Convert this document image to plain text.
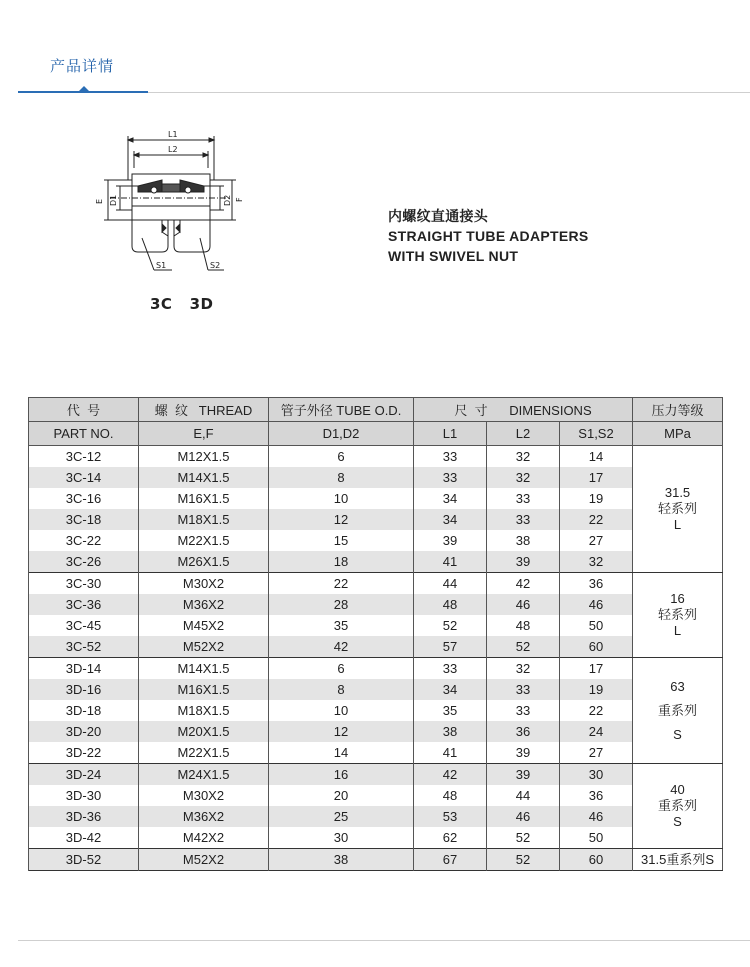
产品详情
L1
L2
E D1	D2 F
S1	S2
3C   3D
内螺纹直通接头
STRAIGHT TUBE ADAPTERS
WITH SWIVEL NUT
代  号	螺  纹   THREAD	管子外径 TUBE O.D.	尺  寸      DIMENSIONS			压力等级
PART NO.	E,F	D1,D2	L1	L2	S1,S2	MPa
3C-12	M12X1.5	6	33	32	14	31.5
轻系列
L

3C-14	M14X1.5	8	33	32	17	
3C-16	M16X1.5	10	34	33	19	
3C-18	M18X1.5	12	34	33	22	
3C-22	M22X1.5	15	39	38	27	
3C-26	M26X1.5	18	41	39	32	
3C-30	M30X2	22	44	42	36	16
轻系列
L

3C-36	M36X2	28	48	46	46	
3C-45	M45X2	35	52	48	50	
3C-52	M52X2	42	57	52	60	
3D-14	M14X1.5	6	33	32	17	63
重系列
S

3D-16	M16X1.5	8	34	33	19	
3D-18	M18X1.5	10	35	33	22	
3D-20	M20X1.5	12	38	36	24	
3D-22	M22X1.5	14	41	39	27	
3D-24	M24X1.5	16	42	39	30	40
重系列
S

3D-30	M30X2	20	48	44	36	
3D-36	M36X2	25	53	46	46	
3D-42	M42X2	30	62	52	50	
3D-52	M52X2	38	67	52	60	31.5重系列S
